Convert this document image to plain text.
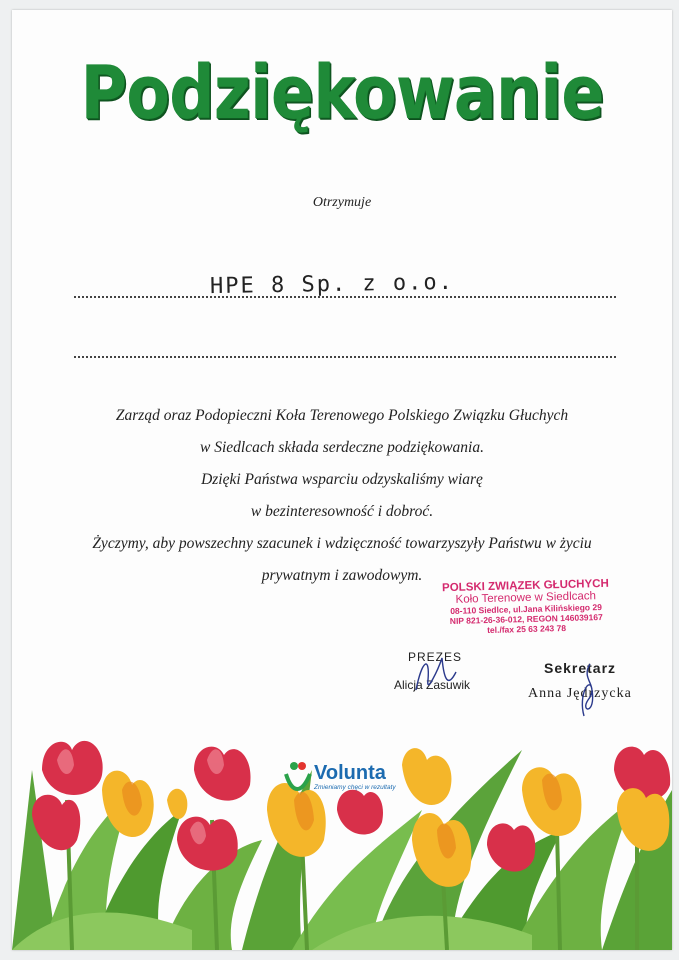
Podziękowanie
Otrzymuje
HPE 8 Sp. z o.o.
Zarząd oraz Podopieczni Koła Terenowego Polskiego Związku Głuchych
w Siedlcach składa serdeczne podziękowania.
Dzięki Państwa wsparciu odzyskaliśmy wiarę
w bezinteresowność i dobroć.
Życzymy, aby powszechny szacunek i wdzięczność towarzyszyły Państwu w życiu
prywatnym i zawodowym.
POLSKI ZWIĄZEK GŁUCHYCH
Koło Terenowe w Siedlcach
08-110 Siedlce, ul.Jana Kilińskiego 29
NIP 821-26-36-012, REGON 146039167
tel./fax 25 63 243 78
PREZES
Alicja Zasuwik
Sekretarz
Anna Jędrzycka
Volunta
Zmieniamy chęci w rezultaty
